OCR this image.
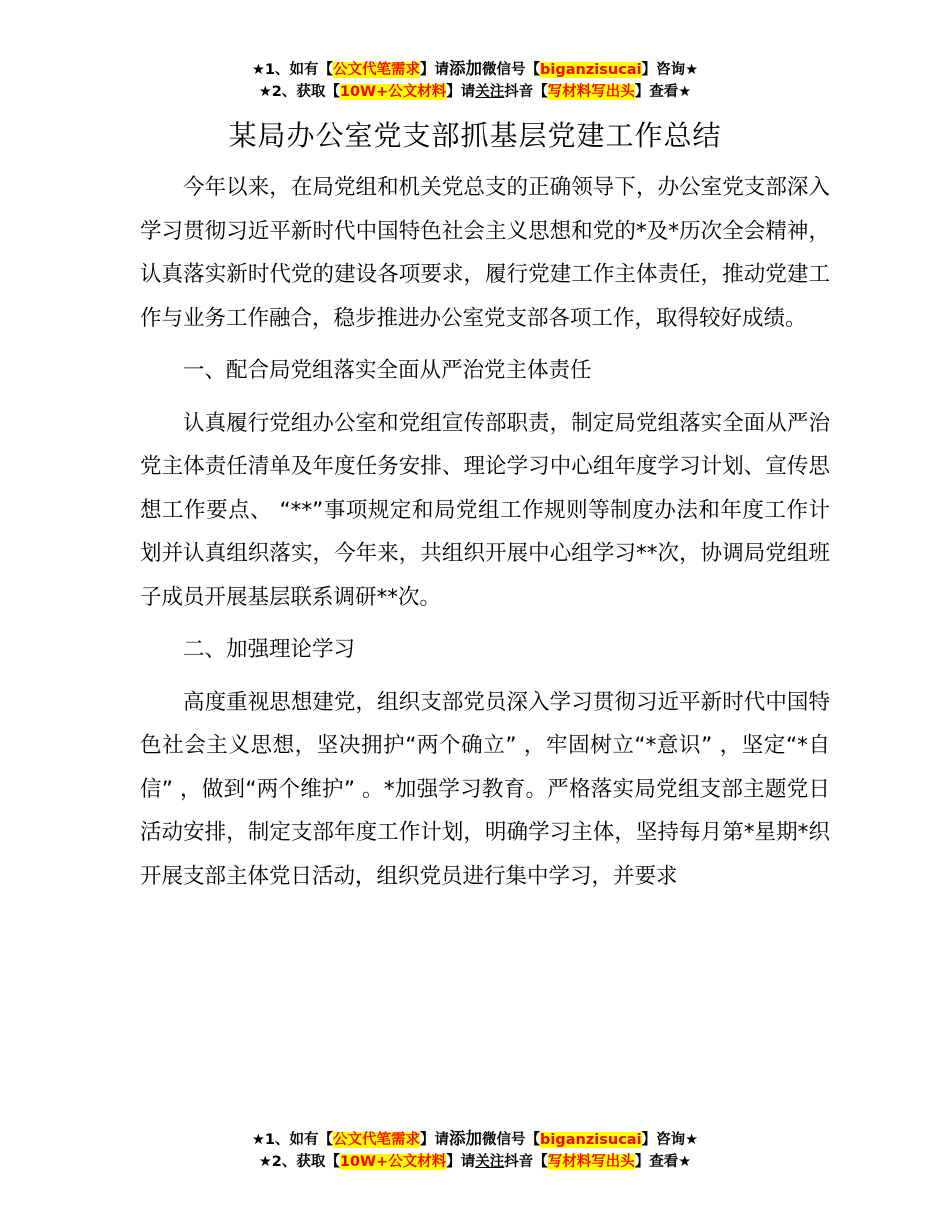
★1、如有【公文代笔需求】请添加微信号【biganzisucai】咨询★
★2、获取【10W+公文材料】请关注抖音【写材料写出头】查看★
某局办公室党支部抓基层党建工作总结

今年以来，在局党组和机关党总支的正确领导下，办公室党支部深入学习贯彻习近平新时代中国特色社会主义思想和党的*及*历次全会精神，认真落实新时代党的建设各项要求，履行党建工作主体责任，推动党建工作与业务工作融合，稳步推进办公室党支部各项工作，取得较好成绩。

一、配合局党组落实全面从严治党主体责任

认真履行党组办公室和党组宣传部职责，制定局党组落实全面从严治党主体责任清单及年度任务安排、理论学习中心组年度学习计划、宣传思想工作要点、 “**”事项规定和局党组工作规则等制度办法和年度工作计划并认真组织落实，今年来，共组织开展中心组学习**次，协调局党组班子成员开展基层联系调研**次。

二、加强理论学习

高度重视思想建党，组织支部党员深入学习贯彻习近平新时代中国特色社会主义思想，坚决拥护“两个确立” ，牢固树立“*意识” ，坚定“*自信” ，做到“两个维护” 。*加强学习教育。严格落实局党组支部主题党日活动安排，制定支部年度工作计划，明确学习主体，坚持每月第*星期*织开展支部主体党日活动，组织党员进行集中学习，并要求

★1、如有【公文代笔需求】请添加微信号【biganzisucai】咨询★
★2、获取【10W+公文材料】请关注抖音【写材料写出头】查看★
